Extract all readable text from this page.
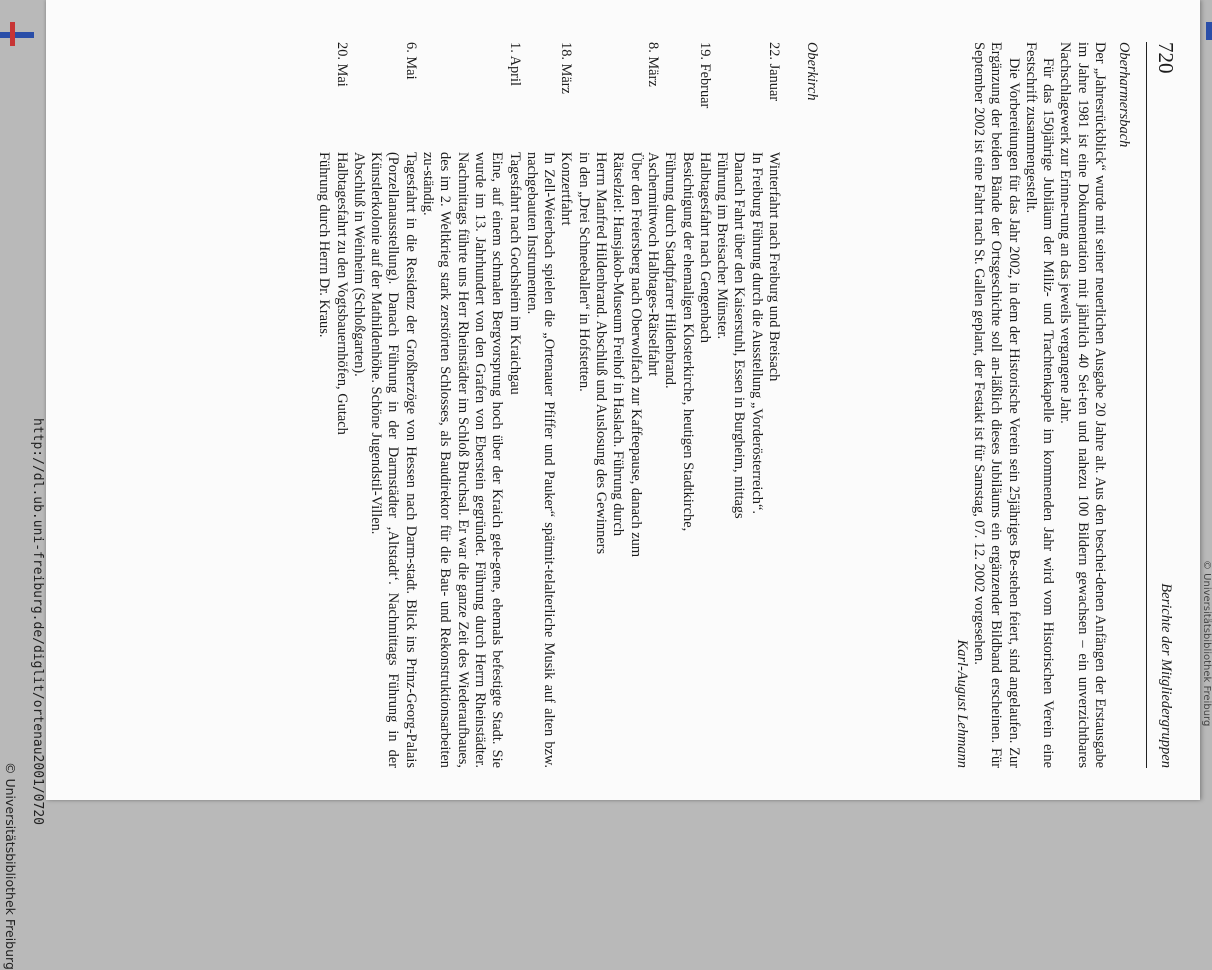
http://dl.ub.uni-freiburg.de/diglit/ortenau2001/0720
© Universitätsbibliothek Freiburg
© Universitätsbibliothek Freiburg
720
Berichte der Mitgliedergruppen
Oberharmersbach

Der „Jahresrückblick“ wurde mit seiner neuerlichen Ausgabe 20 Jahre alt. Aus den beschei-denen Anfängen der Erstausgabe im Jahre 1981 ist eine Dokumentation mit jährlich 40 Sei-ten und nahezu 100 Bildern gewachsen – ein unverzichtbares Nachschlagewerk zur Erinne-rung an das jeweils vergangene Jahr.

Für das 150jährige Jubiläum der Miliz- und Trachtenkapelle im kommenden Jahr wird vom Historischen Verein eine Festschrift zusammengestellt.

Die Vorbereitungen für das Jahr 2002, in dem der Historische Verein sein 25jähriges Be-stehen feiert, sind angelaufen. Zur Ergänzung der beiden Bände der Ortsgeschichte soll an-läßlich dieses Jubiläums ein ergänzender Bildband erscheinen. Für September 2002 ist eine Fahrt nach St. Gallen geplant, der Festakt ist für Samstag, 07. 12. 2002 vorgesehen.

Karl-August Lehmann

Oberkirch
22. Januar
Winterfahrt nach Freiburg und Breisach
In Freiburg Führung durch die Ausstellung „Vorderösterreich“.
Danach Fahrt über den Kaiserstuhl, Essen in Burgheim, mittags
Führung im Breisacher Münster.
19. Februar
Halbtagesfahrt nach Gengenbach
Besichtigung der ehemaligen Klosterkirche, heutigen Stadtkirche,
Führung durch Stadtpfarrer Hildenbrand.
8. März
Aschermittwoch Halbtages-Rätselfahrt
Über den Freiersberg nach Oberwolfach zur Kaffeepause, danach zum
Rätselziel: Hansjakob-Museum Freihof in Haslach. Führung durch
Herrn Manfred Hildenbrand. Abschluß und Auslosung des Gewinners
in den „Drei Schneeballen“ in Hofstetten.
18. März
Konzertfahrt
In Zell-Weierbach spielen die „Ortenauer Pfiffer und Pauker“ spätmit-telalterliche Musik auf alten bzw. nachgebauten Instrumenten.
1. April
Tagesfahrt nach Gochsheim im Kraichgau
Eine, auf einem schmalen Bergvorsprung hoch über der Kraich gele-gene, ehemals befestigte Stadt. Sie wurde im 13. Jahrhundert von den Grafen von Eberstein gegründet. Führung durch Herrn Rheinstädter. Nachmittags führte uns Herr Rheinstädter im Schloß Bruchsal. Er war die ganze Zeit des Wiederaufbaues, des im 2. Weltkrieg stark zerstörten Schlosses, als Baudirektor für die Bau- und Rekonstruktionsarbeiten zu-ständig.
6. Mai
Tagesfahrt in die Residenz der Großherzöge von Hessen nach Darm-stadt. Blick ins Prinz-Georg-Palais (Porzellanausstellung). Danach Führung in der Darmstädter ‚Altstadt‘. Nachmittags Führung in der Künstlerkolonie auf der Mathildenhöhe. Schöne Jugendstil-Villen.
Abschluß in Weinheim (Schloßgarten).
20. Mai
Halbtagesfahrt zu den Vogtsbauernhöfen, Gutach
Führung durch Herrn Dr. Kraus.
